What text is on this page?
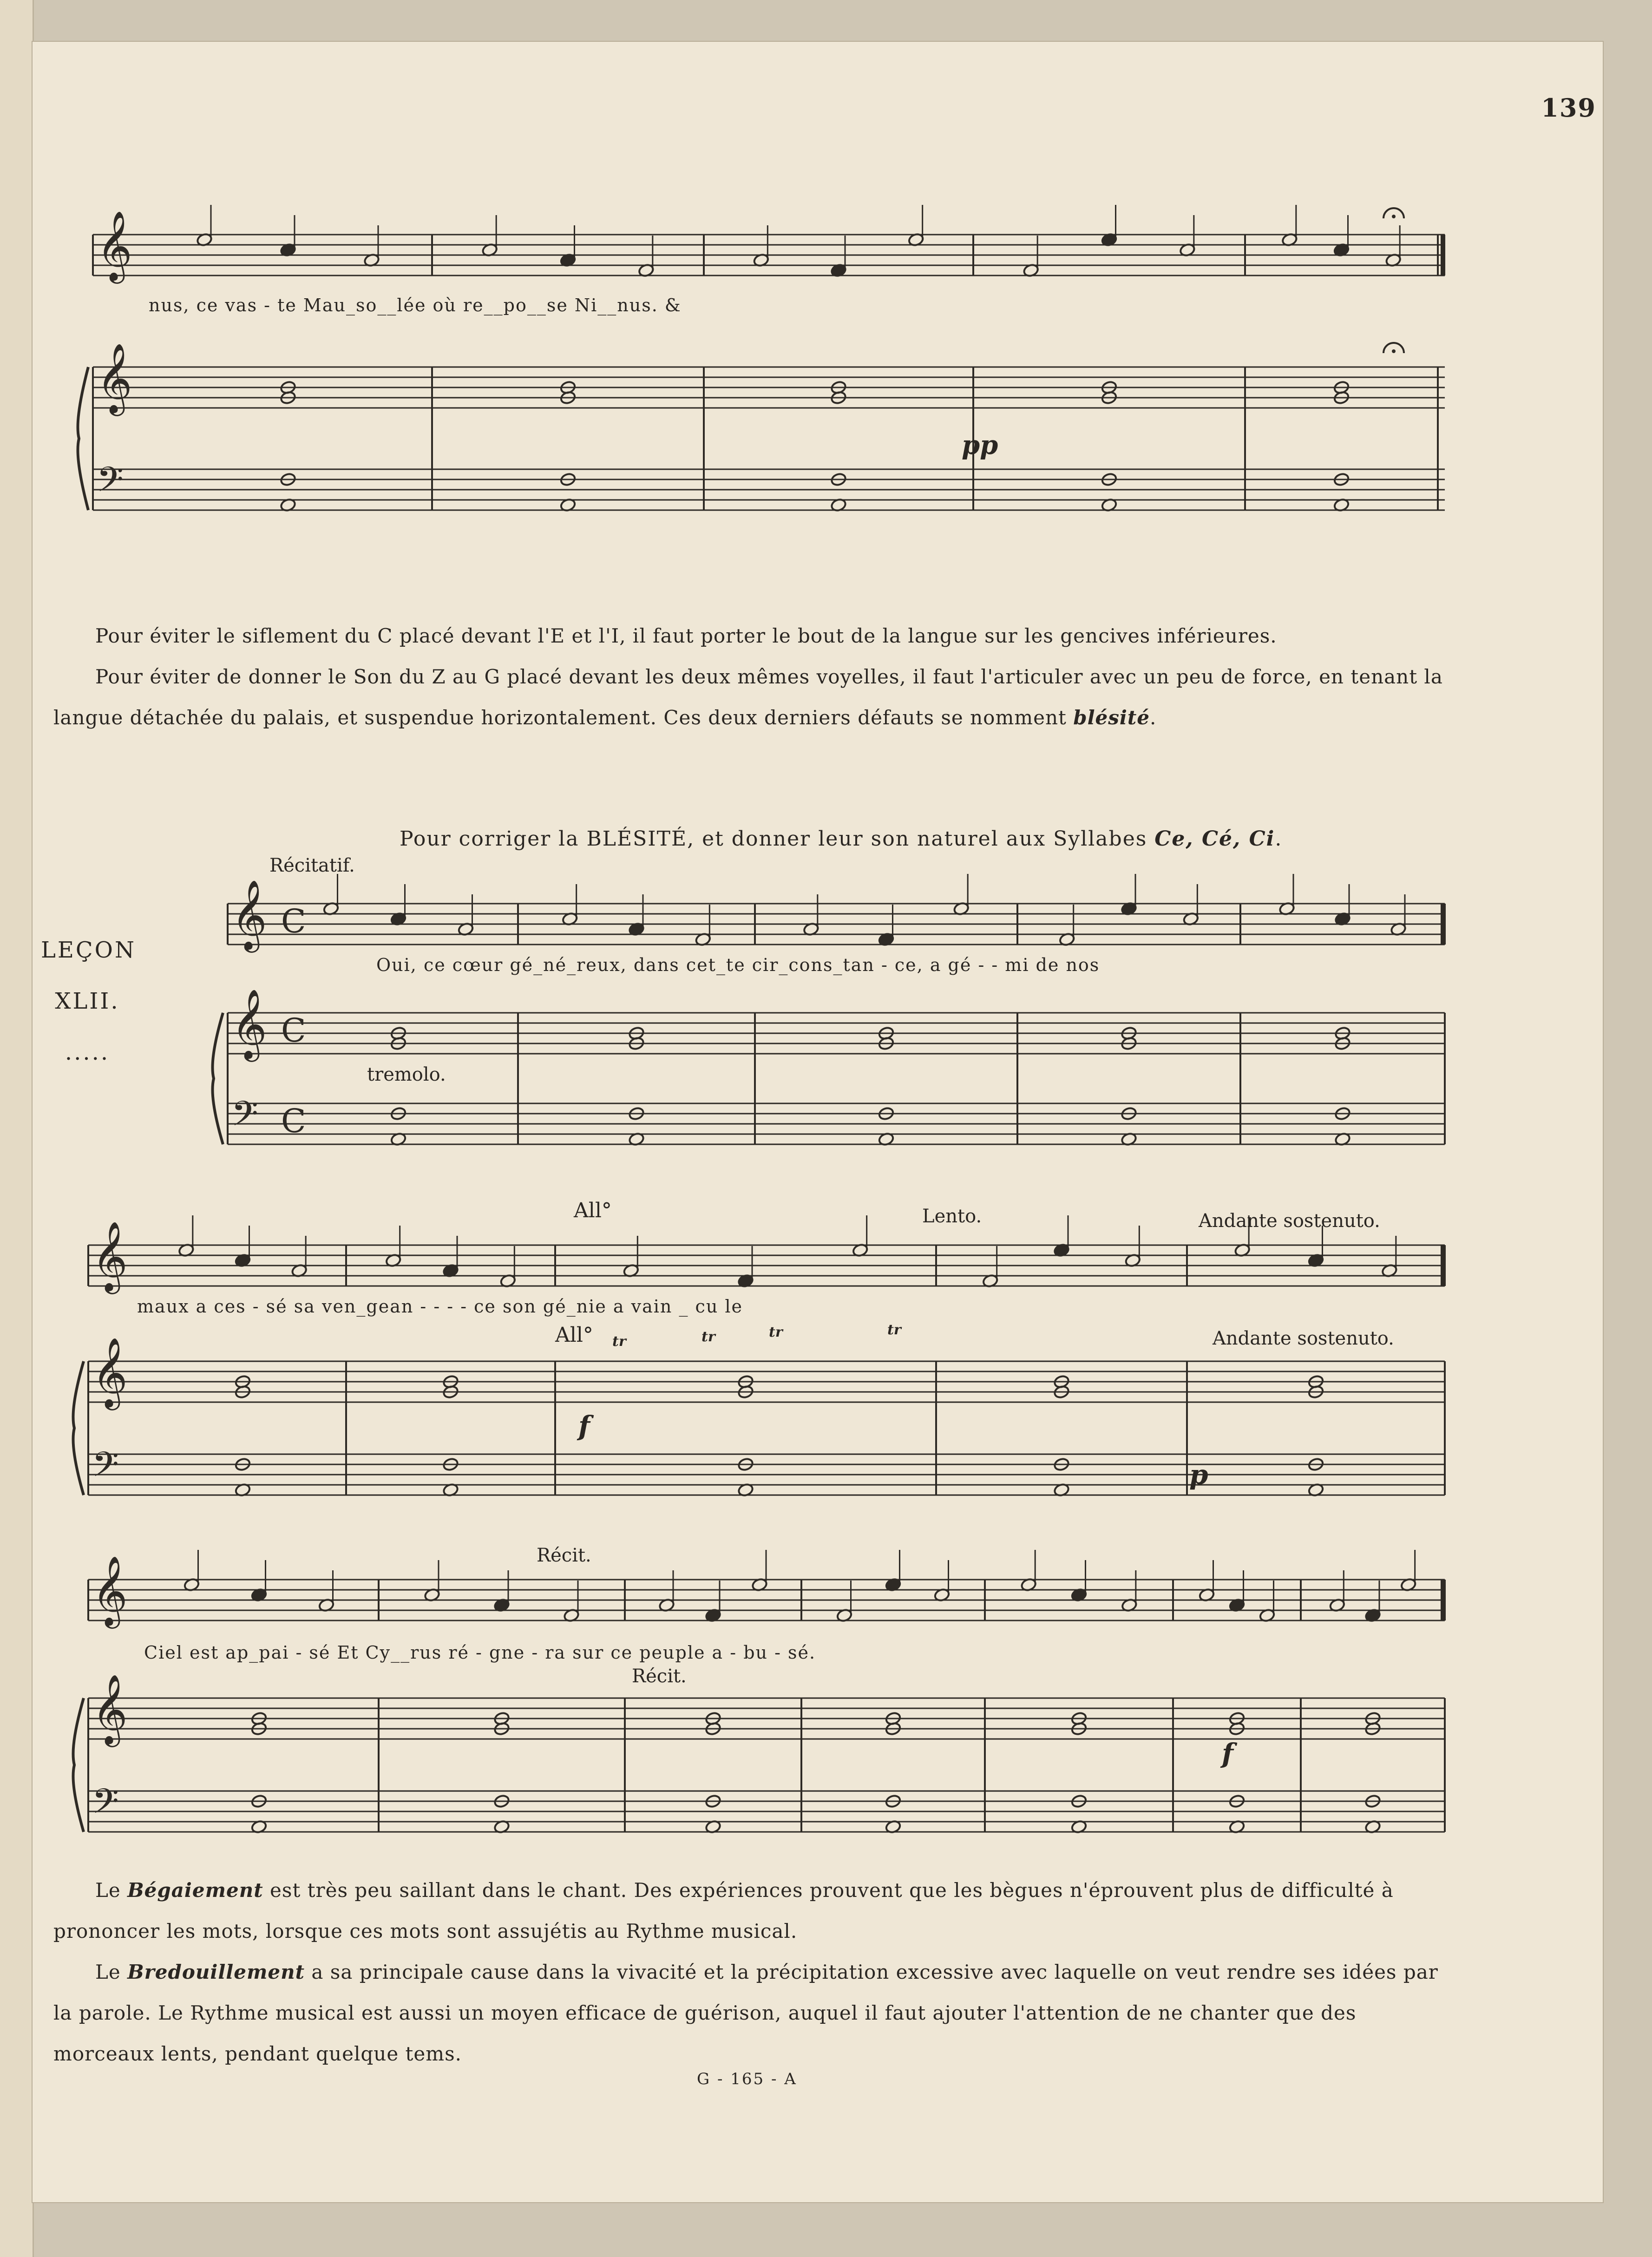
139
𝄞
𝄞
𝄢
𝄞
𝄞
𝄢
𝄞
𝄞
𝄢
𝄞
𝄞
𝄢
C
C
C
nus, ce vas - te Mau_so__lée où re__po__se Ni__nus. &
pp

Pour éviter le siflement du C placé devant l'E et l'I, il faut porter le bout de la langue sur les gencives inférieures.

Pour éviter de donner le Son du Z au G placé devant les deux mêmes voyelles, il faut l'articuler avec un peu de force, en tenant la langue détachée du palais, et suspendue horizontalement. Ces deux derniers défauts se nomment blésité.

Pour corriger la BLÉSITÉ, et donner leur son naturel aux Syllabes Ce, Cé, Ci.
Récitatif.
LEÇON
XLII.
.....
Oui, ce cœur gé_né_reux, dans cet_te cir_cons_tan - ce, a gé - - mi de nos
tremolo.
All°	Lento.	Andante sostenuto.
maux a ces - sé sa ven_gean - - - - ce son gé_nie a vain _ cu le
All°	Andante sostenuto.
f
p
tr	tr	tr	tr
Récit.
Ciel est ap_pai - sé Et Cy__rus ré - gne - ra sur ce peuple a - bu - sé.
Récit.
f

Le Bégaiement est très peu saillant dans le chant. Des expériences prouvent que les bègues n'éprouvent plus de difficulté à prononcer les mots, lorsque ces mots sont assujétis au Rythme musical.

Le Bredouillement a sa principale cause dans la vivacité et la précipitation excessive avec laquelle on veut rendre ses idées par la parole. Le Rythme musical est aussi un moyen efficace de guérison, auquel il faut ajouter l'attention de ne chanter que des morceaux lents, pendant quelque tems.

G - 165 - A
